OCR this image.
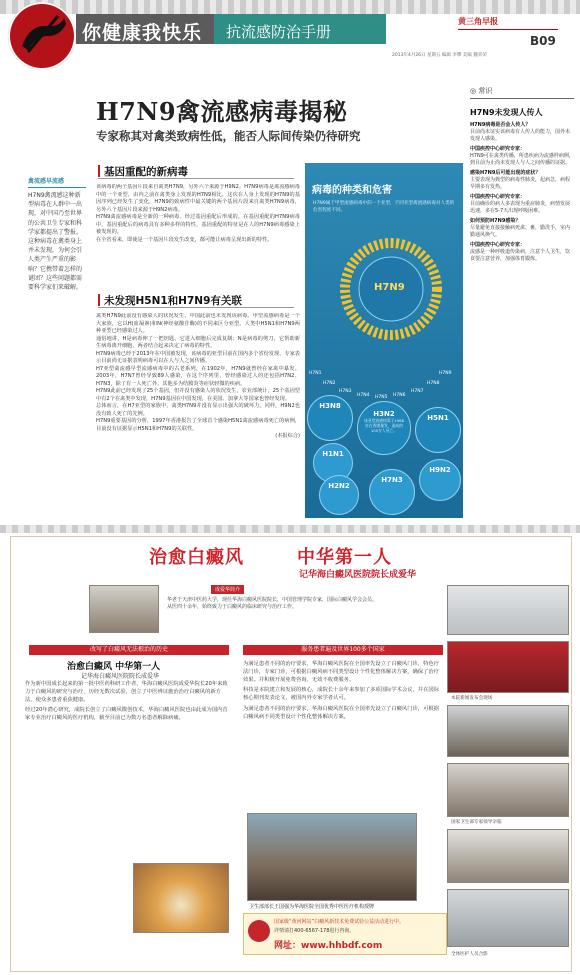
你健康我快乐 抗流感防治手册
黄三角早报
B09
2013年4月26日 星期五 编辑 李攀 美编 魏荣荣
禽流感早流感
H7N9禽流感这种新型病毒在人群中一出现，对中国乃至世界的公共卫生专家和科学家都提出了警报。这种病毒在禽类身上并未发现，为何会引人类产生严重的影响？它携带着怎样的谜团？这些问题都需要科学家们来破解。
H7N9禽流感病毒揭秘
专家称其对禽类致病性低，能否人际间传染仍待研究
基因重配的新病毒

该病毒的两个基因片段来自禽类H7N9，另外六个来源于H9N2。H7N9病毒是禽流感病毒中的一个亚型，由内之前在禽类身上发现的H7N9相比，这次在人身上发现的H7N9的基因序列已经发生了变化，H7N9的致病性中最关键的两个基因片段来自禽类H7N9病毒，另外六个基因片段来源于H9N2病毒。

H7N9禽流感病毒是全新的一种病毒，经过基因重配后形成的。在基因重配的H7N9病毒中，基因重配后的病毒具有多种多样的特性，基因重配的特征是在人的H7N9病毒感染上被发现的。

在全省看来，即使是一个基因片段发生改变，都可能让病毒呈现出新的特性。

未发现H5N1和H7N9有关联

禽类H7N9此前没有感染人的状况发生，中国此前也未发现该病毒。甲型流感病毒是一个大家族，它以H(血凝素)和N(神经氨酸苷酶)的不同来区分亚型。人类中H5N1和H7N9两种亚型已经感染过人。

通俗地讲，H是病毒伸了一把钥匙，它进入细胞后完成复制；N是病毒的剪刀，它帮助新生病毒离开细胞，两者结合起来决定了病毒的特性。

H7N9病毒已经于2013年在中国被发现，该病毒的亚型目前在国内多个省份发现，专家表示目前尚无证据表明病毒可以在人与人之间传播。

H7亚型禽流感早型流感病毒中的古老系列，在1902年，H7N9就曾经在家禽中暴发。2003年，H7N7曾经导致89人感染，在这个序列里，曾经感染过人的还包括H7N2、H7N3，除了有一人死亡外，其他多为结膜炎等症状轻微的疾病。

H7N9此前已经发现了25个基因，但并没有感染人的状况发生，农业部统计，25个基因型中有2个在禽类中发现，H7N9基因在中国发现，在美国、加拿大等国家也曾经发现。

总体而言，在H7亚型的家族中，禽类H7N9并没有显示出强大的破坏力。同样，H9N2也没有致人死亡的先例。

H7N9重要基因的分析，1997年香港报告了全球首个感染H5N1禽流感病毒死亡的病例，目前没有证据显示H5N1和H7N9的关联性。

(本报综合)

病毒的种类和危害
H7N9属于甲型流感病毒中的一个亚型，不同亚型禽流感病毒对人类的危害程度不同。
H7N9
H7N1
H7N2
H7N3
H7N4 H7N5 H7N6
H7N7
H7N8
H7N9
H3N8
H3N2
该亚型流感病毒于1968年在香港暴发，造成约100万人死亡。
H5N1
H1N1
H2N2
H7N3
H9N2
◎ 常识
H7N9未发现人传人
H7N9病毒是否会人传人？
目前尚未证实该病毒有人传人的能力，国外未发现人感染。
中国疾控中心研究专家：
H7N9可在禽类传播，所患疾病为流感样病例，到目前为止尚未发现人与人之间传播的证据。
感染H7N9后可能出现的症状？
主要表现为典型的病毒性肺炎，起病急，病程早期多有发热。
中国疾控中心研究专家：
目前确诊的病人多表现为重症肺炎，病情发展迅速，多在5-7天出现呼吸困难。
如何预防H7N9感染？
尽量避免直接接触病死禽、畜，勤洗手，室内勤通风换气。
中国疾控中心研究专家：
流感是一种呼吸道传染病，注意个人卫生，饮食要注意营养，加强体育锻炼。
治愈白癜风	中华第一人
记华海白癜风医院院长成爱华
成爱华简介
华老于天津中医药大学，现任华海白癜风医院院长，中国管理学院专家，国际白癜风学会会员。从医四十余年，始终致力于白癜风的临床研究与治疗工作。
改写了白癜风无法根治的历史
治愈白癜风 中华第一人
记华海白癜风医院院长成爱华

作为新中国成长起来的第一批中医药科研工作者，华海白癜风医院成爱华院长20年来致力于白癜风的研究与治疗，历经无数次试验，创立了中医辨证施治治疗白癜风的新方法，使众多患者重获健康。

经过20年潜心研究，成院长创立了白癜风微创技术，华海白癜风医院也由此成为国内首家专业治疗白癜风的医疗机构，截至目前已为数万名患者解除病痛。

服务患者遍及世界100多个国家

为满足患者不同的治疗要求，华海白癜风医院在全国率先设立了白癜风门诊，特色疗法门诊，专家门诊，可根据白癜风病不同类型设计个性化整体解决方案，确保了治疗效果。并积极开展免费咨询、无效不收费服务。

科技是本院建立和发展的核心，成院长十余年来参加了多项国际学术会议，并在国际核心期刊发表论文，被国内外专家学者认可。

为满足患者不同的治疗要求，华海白癜风医院在全国率先设立了白癜风门诊，可根据白癜风病不同类型设计个性化整体解决方案。

卫生部部长王国强为华海医院全国优秀中医医疗机构授牌
国家级“黄河网站”白癜风新技术免费试验公益活动进行中。
详情请打400-6567-178进行咨询。
网址：www.hhbdf.com
本院新闻发布会现场
国家卫生部专家领导亲临
全体医护人员合影
